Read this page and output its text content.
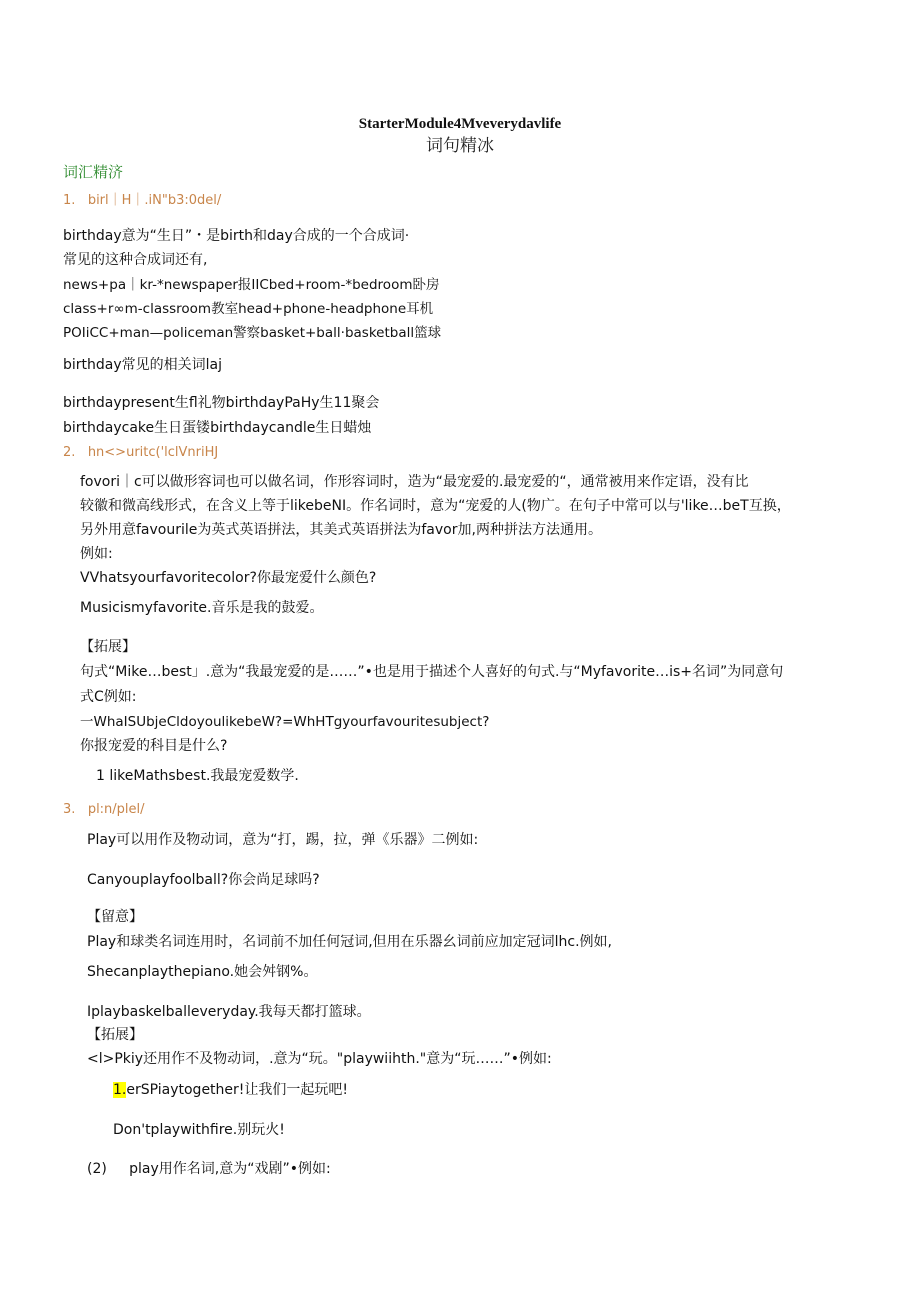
StarterModule4Mveverydavlife
词句精冰
词汇精济
1. birl｜H｜.iN"b3:0del/
birthday意为“生日”・是birth和day合成的一个合成词·
常见的这种合成词还有,
news+pa｜kr-*newspaper报IICbed+room-*bedroom卧房
class+r∞m-classroom教室head+phone-headphone耳机
POIiCC+man—policeman警察basket+ball·basketball篮球
birthday常见的相关词laj
birthdaypresent生fl礼物birthdayPaHy生11聚会
birthdaycake生日蛋镂birthdaycandle生日蜡烛
2. hn<>uritc('lclVnriHJ
fovori｜c可以做形容词也可以做名词，作形容词时，造为“最宠爱的.最宠爱的“，通常被用来作定语，没有比
较徽和微高线形式，在含义上等于likebeNI。作名词时，意为“宠爱的人(物广。在句子中常可以与'like…beT互换，
另外用意favourile为英式英语拼法，其美式英语拼法为favor加,两种拼法方法通用。
例如:
VVhatsyourfavoritecolor?你最宠爱什么颜色?
Musicismyfavorite.音乐是我的鼓爱。
【拓展】
句式“Mike…best」.意为“我最宠爱的是……”•也是用于描述个人喜好的句式.与“Myfavorite…is+名词”为同意句
式C例如:
一WhaISUbjeCldoyoulikebeW?=WhHTgyourfavouritesubject?
你报宠爱的科目是什么?
1 likeMathsbest.我最宠爱数学.
3. pl:n/plel/
Play可以用作及物动词，意为“打，踢，拉，弹《乐器》二例如:
Canyouplayfoolball?你会尚足球吗?
【留意】
Play和球类名词连用时，名词前不加任何冠词,但用在乐器幺词前应加定冠词lhc.例如,
Shecanplaythepiano.她会舛钢%。
Iplaybaskelballeveryday.我每天都打篮球。
【拓展】
<l>Pkiy还用作不及物动词，.意为“玩。"playwiihth."意为“玩……”•例如:
1.erSPiaytogether!让我们一起玩吧!
Don'tplaywithfire.别玩火!
(2) play用作名词,意为“戏剧”•例如:
